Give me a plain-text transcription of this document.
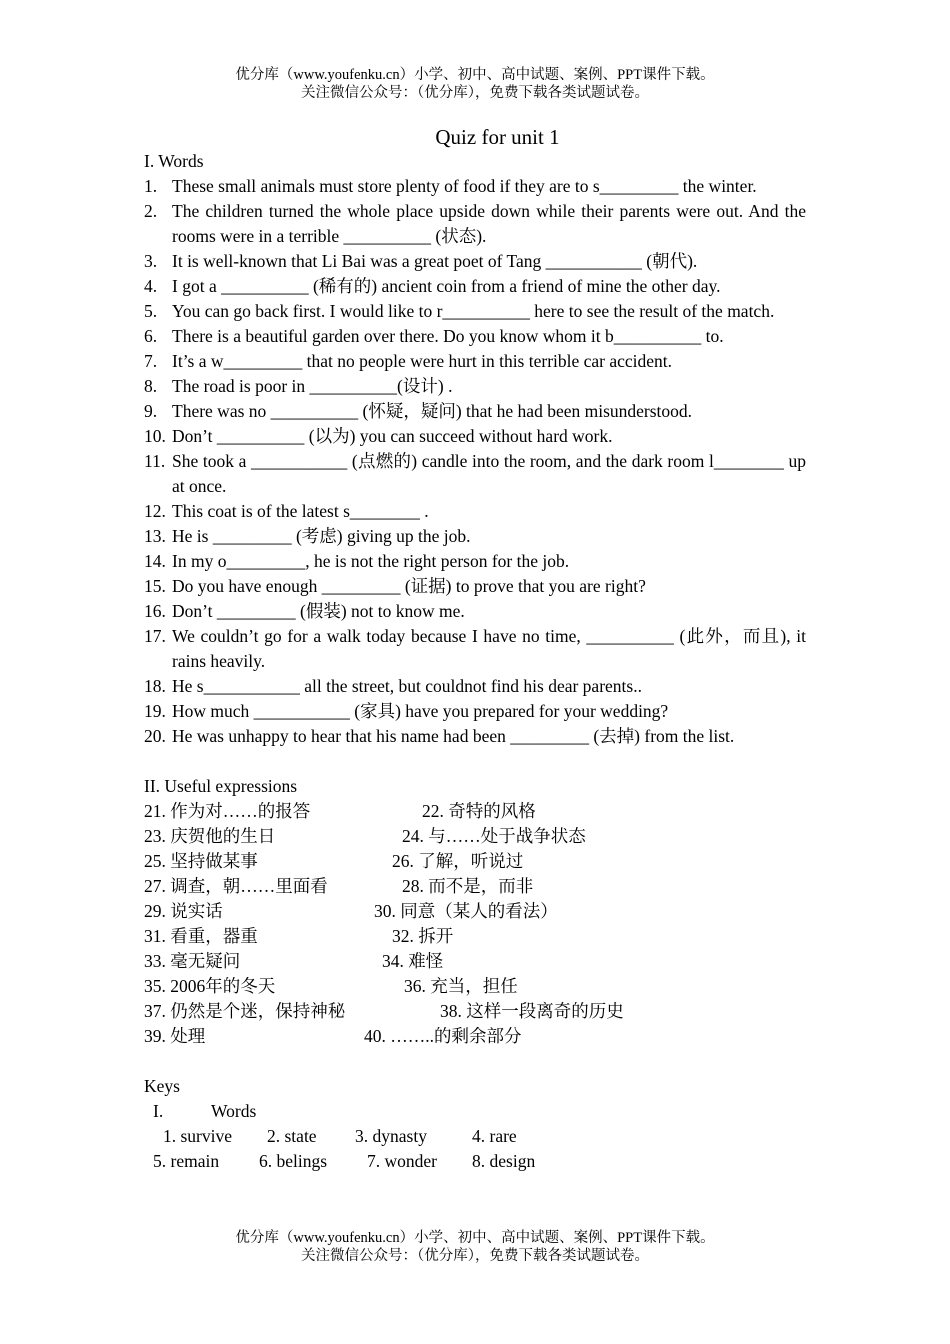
优分库（www.youfenku.cn）小学、初中、高中试题、案例、PPT课件下载。
关注微信公众号：（优分库），免费下载各类试题试卷。
Quiz for unit 1
I. Words
1. These small animals must store plenty of food if they are to s_________ the winter.
2. The children turned the whole place upside down while their parents were out. And the rooms were in a terrible __________ (状态).
3. It is well-known that Li Bai was a great poet of Tang ___________ (朝代).
4. I got a __________ (稀有的) ancient coin from a friend of mine the other day.
5. You can go back first. I would like to r__________ here to see the result of the match.
6. There is a beautiful garden over there. Do you know whom it b__________ to.
7. It’s a w_________ that no people were hurt in this terrible car accident.
8. The road is poor in __________(设计) .
9. There was no __________ (怀疑，疑问) that he had been misunderstood.
10. Don’t __________ (以为) you can succeed without hard work.
11. She took a ___________ (点燃的) candle into the room, and the dark room l________ up at once.
12. This coat is of the latest s________ .
13. He is _________ (考虑) giving up the job.
14. In my o_________, he is not the right person for the job.
15. Do you have enough _________ (证据) to prove that you are right?
16. Don’t _________ (假装) not to know me.
17. We couldn’t go for a walk today because I have no time, __________ (此外，而且), it rains heavily.
18. He s___________ all the street, but couldnot find his dear parents..
19. How much ___________ (家具) have you prepared for your wedding?
20. He was unhappy to hear that his name had been _________ (去掉) from the list.
II. Useful expressions
21. 作为对……的报答	22. 奇特的风格
23. 庆贺他的生日	24. 与……处于战争状态
25. 坚持做某事	26. 了解，听说过
27. 调查，朝……里面看	28. 而不是，而非
29. 说实话	30. 同意（某人的看法）
31. 看重，器重	32. 拆开
33. 毫无疑问	34. 难怪
35. 2006年的冬天	36. 充当，担任
37. 仍然是个迷，保持神秘	38. 这样一段离奇的历史
39. 处理	40. ……..的剩余部分
Keys
I.	Words
1. survive 2. state 3. dynasty	4. rare
5. remain 6. belings 7. wonder 8. design
优分库（www.youfenku.cn）小学、初中、高中试题、案例、PPT课件下载。
关注微信公众号：（优分库），免费下载各类试题试卷。
